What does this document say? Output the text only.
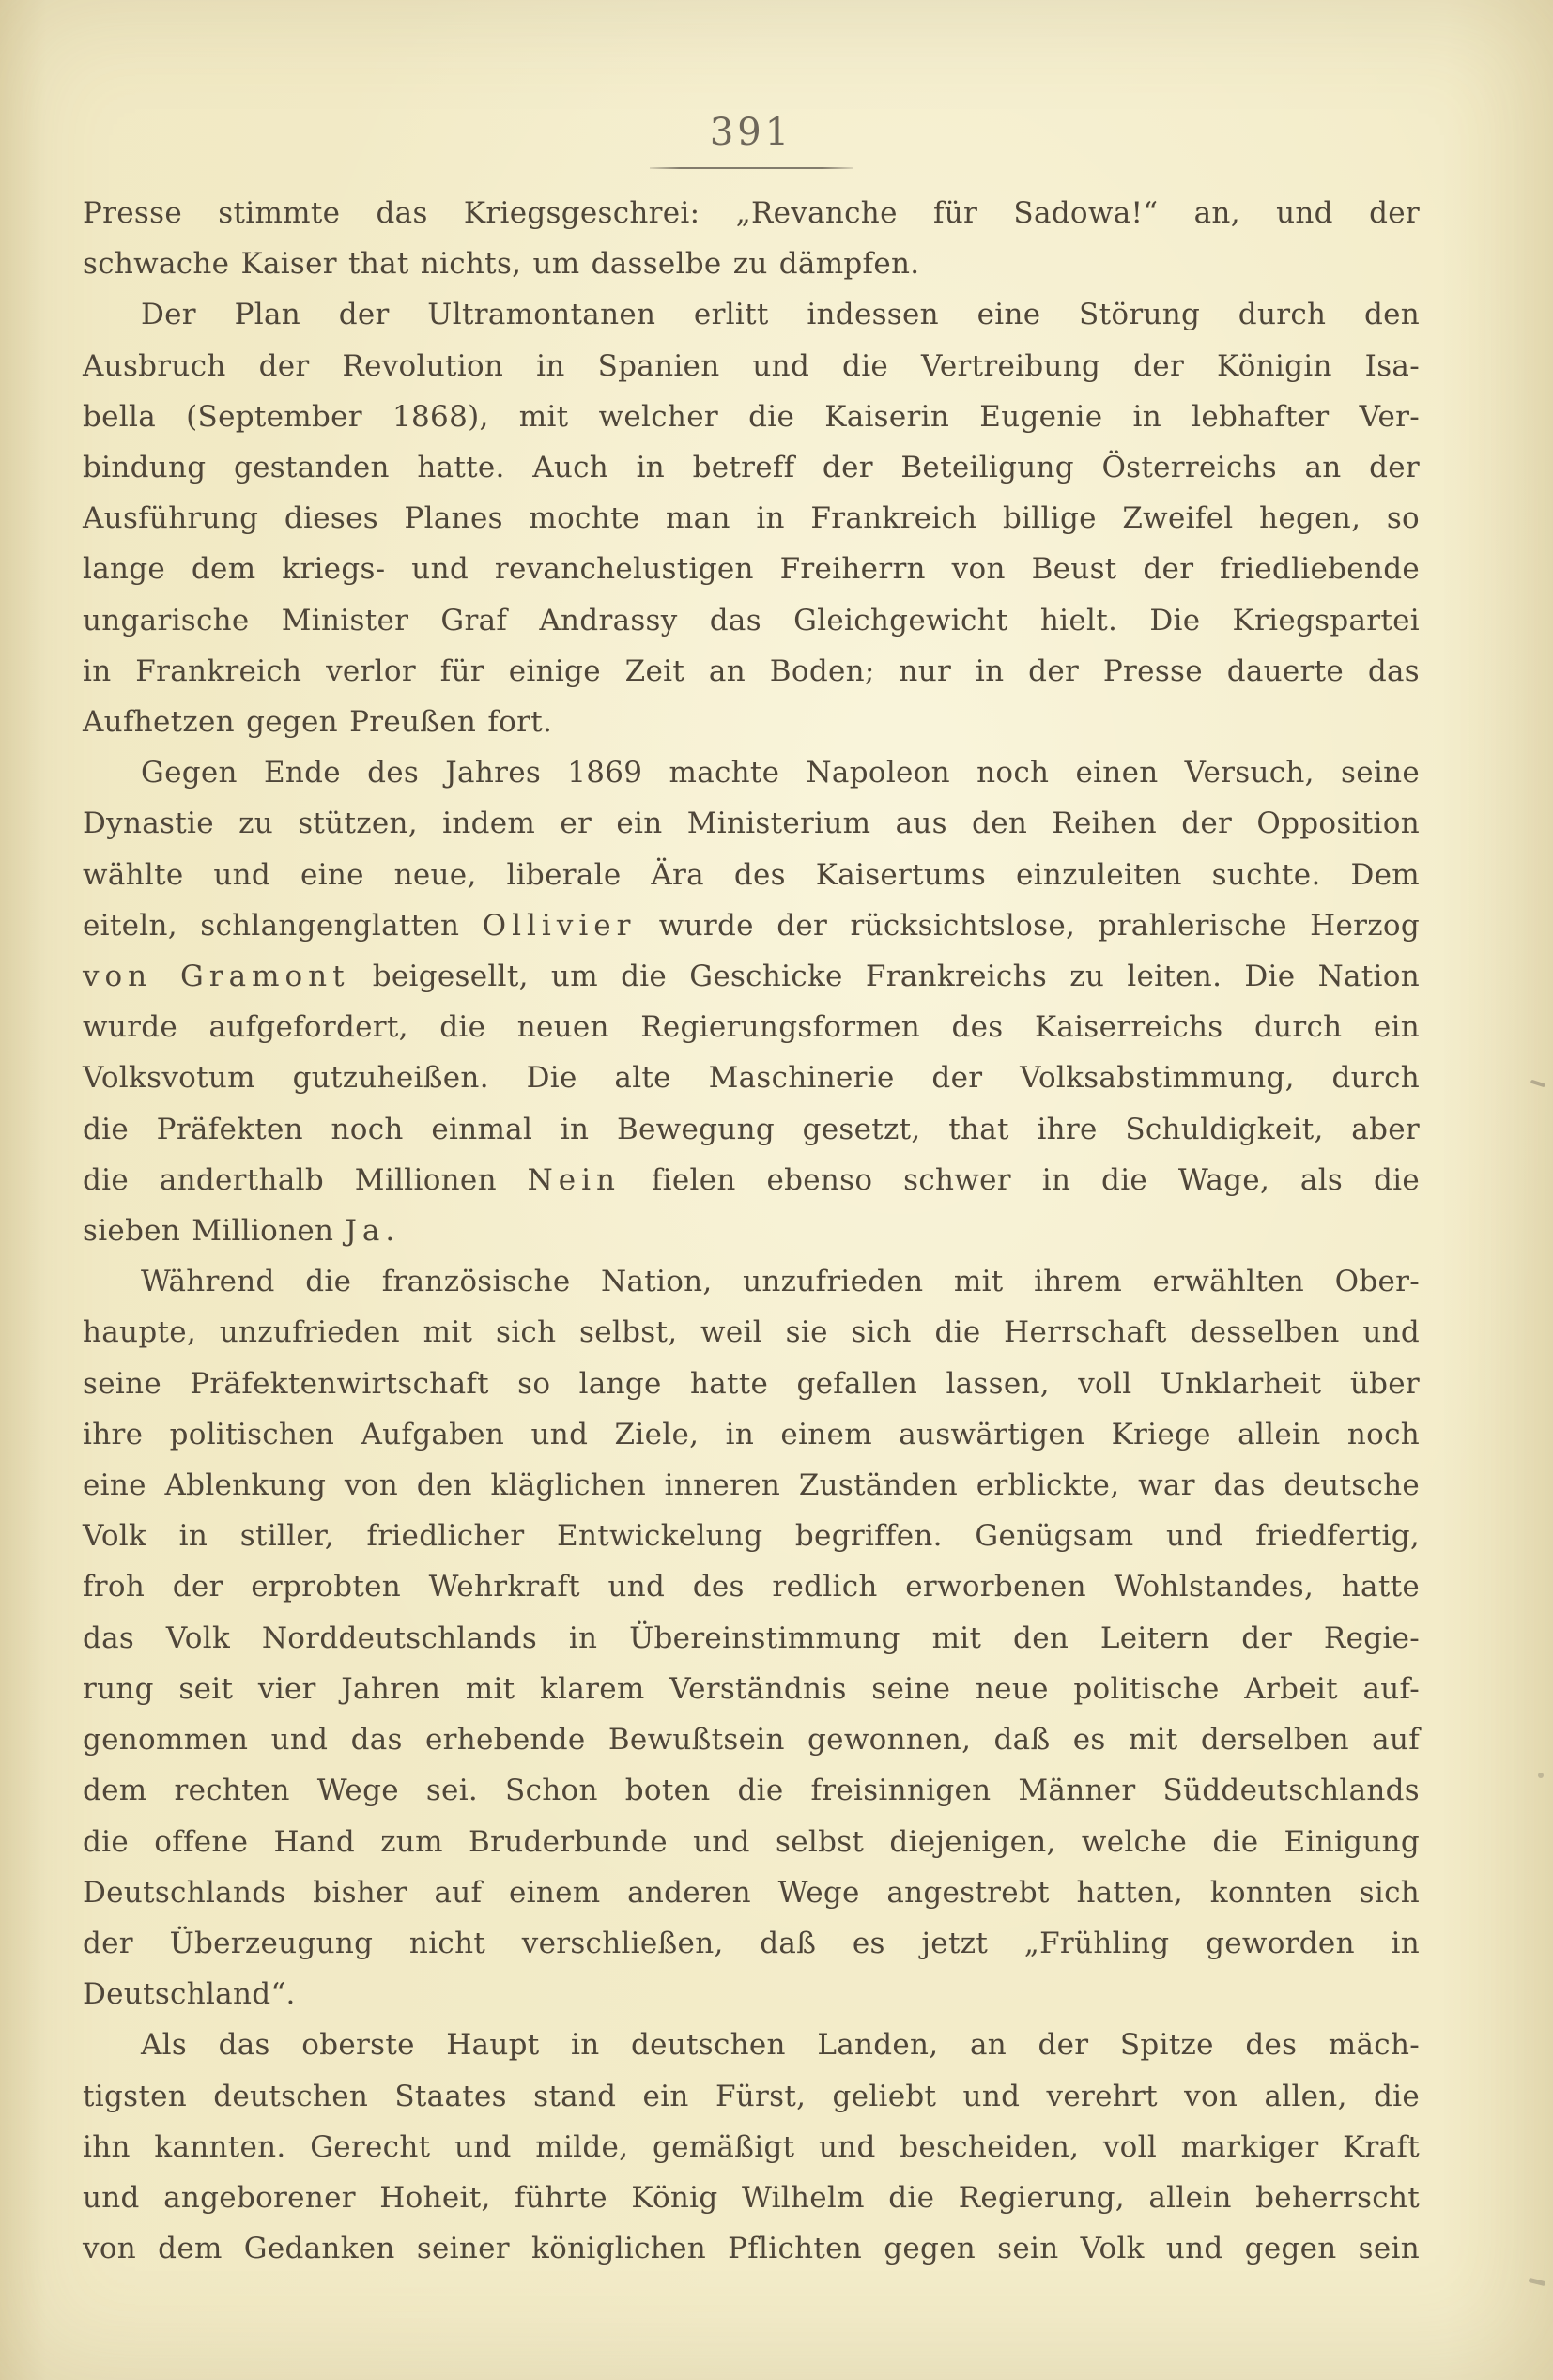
391
Presse stimmte das Kriegsgeschrei: „Revanche für Sadowa!“ an, und der
schwache Kaiser that nichts, um dasselbe zu dämpfen.
Der Plan der Ultramontanen erlitt indessen eine Störung durch den
Ausbruch der Revolution in Spanien und die Vertreibung der Königin Isa-
bella (September 1868), mit welcher die Kaiserin Eugenie in lebhafter Ver-
bindung gestanden hatte. Auch in betreff der Beteiligung Österreichs an der
Ausführung dieses Planes mochte man in Frankreich billige Zweifel hegen, so
lange dem kriegs- und revanchelustigen Freiherrn von Beust der friedliebende
ungarische Minister Graf Andrassy das Gleichgewicht hielt. Die Kriegspartei
in Frankreich verlor für einige Zeit an Boden; nur in der Presse dauerte das
Aufhetzen gegen Preußen fort.
Gegen Ende des Jahres 1869 machte Napoleon noch einen Versuch, seine
Dynastie zu stützen, indem er ein Ministerium aus den Reihen der Opposition
wählte und eine neue, liberale Ära des Kaisertums einzuleiten suchte. Dem
eiteln, schlangenglatten Ollivier wurde der rücksichtslose, prahlerische Herzog
von Gramont beigesellt, um die Geschicke Frankreichs zu leiten. Die Nation
wurde aufgefordert, die neuen Regierungsformen des Kaiserreichs durch ein
Volksvotum gutzuheißen. Die alte Maschinerie der Volksabstimmung, durch
die Präfekten noch einmal in Bewegung gesetzt, that ihre Schuldigkeit, aber
die anderthalb Millionen Nein fielen ebenso schwer in die Wage, als die
sieben Millionen Ja.
Während die französische Nation, unzufrieden mit ihrem erwählten Ober-
haupte, unzufrieden mit sich selbst, weil sie sich die Herrschaft desselben und
seine Präfektenwirtschaft so lange hatte gefallen lassen, voll Unklarheit über
ihre politischen Aufgaben und Ziele, in einem auswärtigen Kriege allein noch
eine Ablenkung von den kläglichen inneren Zuständen erblickte, war das deutsche
Volk in stiller, friedlicher Entwickelung begriffen. Genügsam und friedfertig,
froh der erprobten Wehrkraft und des redlich erworbenen Wohlstandes, hatte
das Volk Norddeutschlands in Übereinstimmung mit den Leitern der Regie-
rung seit vier Jahren mit klarem Verständnis seine neue politische Arbeit auf-
genommen und das erhebende Bewußtsein gewonnen, daß es mit derselben auf
dem rechten Wege sei. Schon boten die freisinnigen Männer Süddeutschlands
die offene Hand zum Bruderbunde und selbst diejenigen, welche die Einigung
Deutschlands bisher auf einem anderen Wege angestrebt hatten, konnten sich
der Überzeugung nicht verschließen, daß es jetzt „Frühling geworden in
Deutschland“.
Als das oberste Haupt in deutschen Landen, an der Spitze des mäch-
tigsten deutschen Staates stand ein Fürst, geliebt und verehrt von allen, die
ihn kannten. Gerecht und milde, gemäßigt und bescheiden, voll markiger Kraft
und angeborener Hoheit, führte König Wilhelm die Regierung, allein beherrscht
von dem Gedanken seiner königlichen Pflichten gegen sein Volk und gegen sein
